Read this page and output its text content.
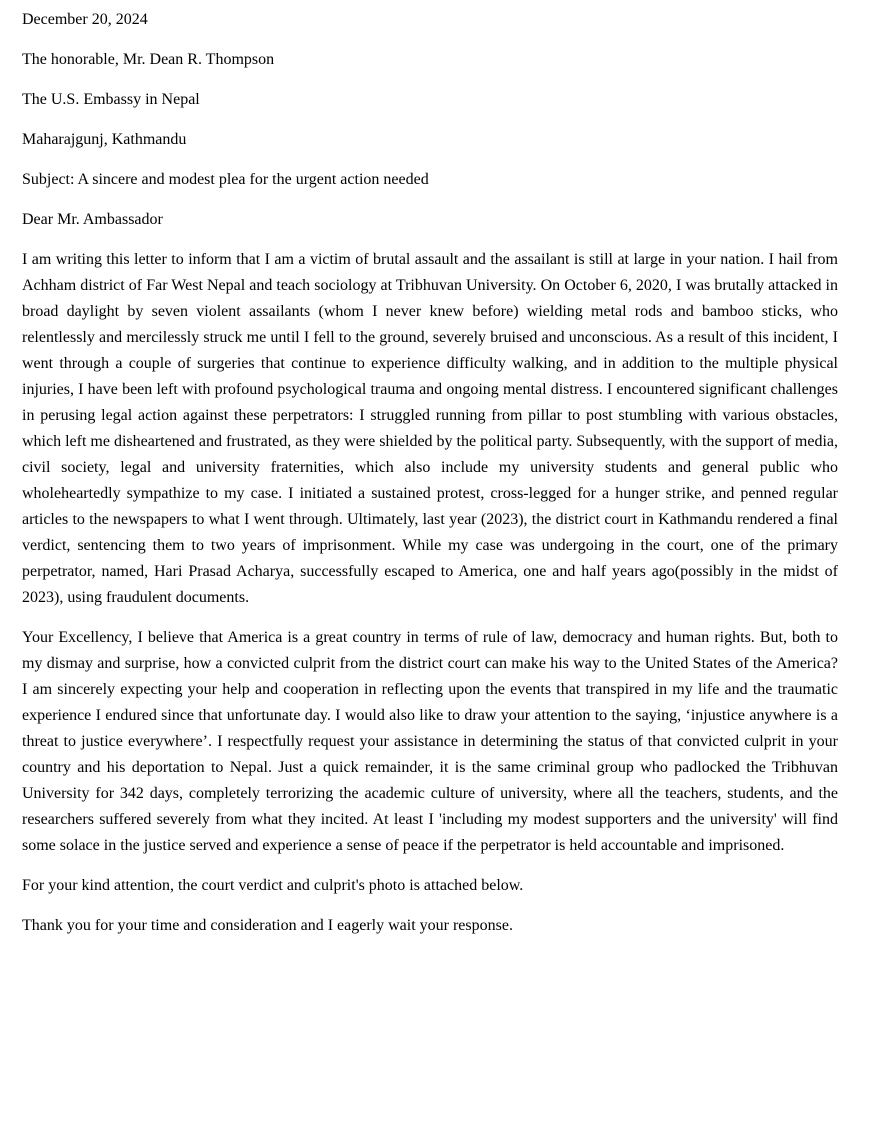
December 20, 2024

The honorable, Mr. Dean R. Thompson

The U.S. Embassy in Nepal

Maharajgunj, Kathmandu

Subject: A sincere and modest plea for the urgent action needed

Dear Mr. Ambassador

I am writing this letter to inform that I am a victim of brutal assault and the assailant is still at large in your nation. I hail from Achham district of Far West Nepal and teach sociology at Tribhuvan University. On October 6, 2020, I was brutally attacked in broad daylight by seven violent assailants (whom I never knew before) wielding metal rods and bamboo sticks, who relentlessly and mercilessly struck me until I fell to the ground, severely bruised and unconscious. As a result of this incident, I went through a couple of surgeries that continue to experience difficulty walking, and in addition to the multiple physical injuries, I have been left with profound psychological trauma and ongoing mental distress. I encountered significant challenges in perusing legal action against these perpetrators: I struggled running from pillar to post stumbling with various obstacles, which left me disheartened and frustrated, as they were shielded by the political party. Subsequently, with the support of media, civil society, legal and university fraternities, which also include my university students and general public who wholeheartedly sympathize to my case. I initiated a sustained protest, cross-legged for a hunger strike, and penned regular articles to the newspapers to what I went through. Ultimately, last year (2023), the district court in Kathmandu rendered a final verdict, sentencing them to two years of imprisonment. While my case was undergoing in the court, one of the primary perpetrator, named, Hari Prasad Acharya, successfully escaped to America, one and half years ago(possibly in the midst of 2023), using fraudulent documents.

Your Excellency, I believe that America is a great country in terms of rule of law, democracy and human rights. But, both to my dismay and surprise, how a convicted culprit from the district court can make his way to the United States of the America? I am sincerely expecting your help and cooperation in reflecting upon the events that transpired in my life and the traumatic experience I endured since that unfortunate day. I would also like to draw your attention to the saying, ‘injustice anywhere is a threat to justice everywhere’. I respectfully request your assistance in determining the status of that convicted culprit in your country and his deportation to Nepal. Just a quick remainder, it is the same criminal group who padlocked the Tribhuvan University for 342 days, completely terrorizing the academic culture of university, where all the teachers, students, and the researchers suffered severely from what they incited. At least I 'including my modest supporters and the university' will find some solace in the justice served and experience a sense of peace if the perpetrator is held accountable and imprisoned.

For your kind attention, the court verdict and culprit's photo is attached below.

Thank you for your time and consideration and I eagerly wait your response.
